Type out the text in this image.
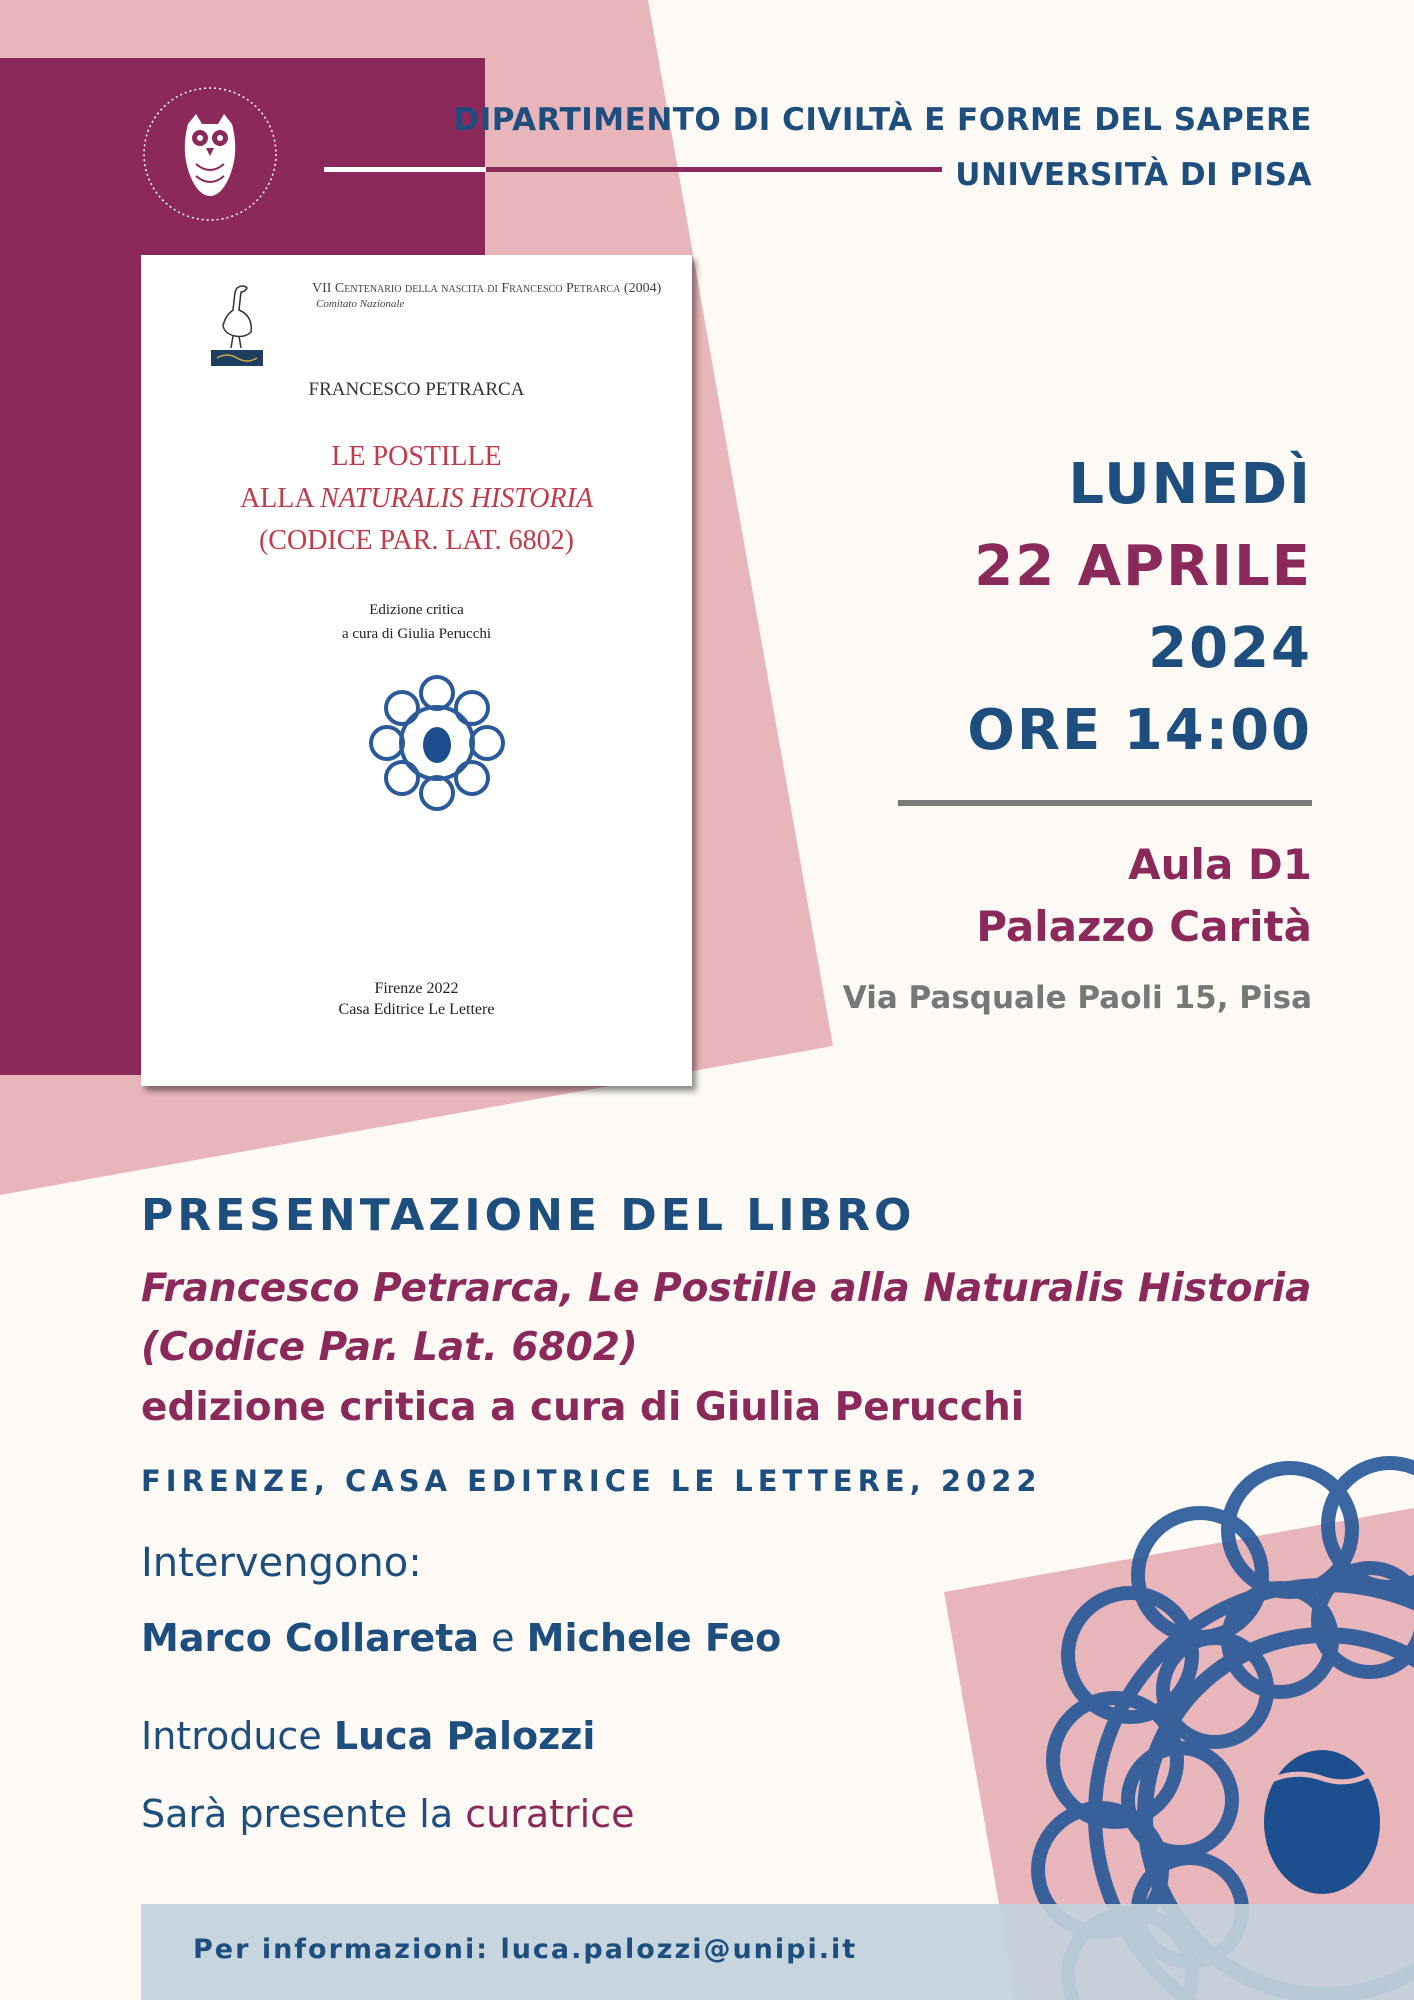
DIPARTIMENTO DI CIVILTÀ E FORME DEL SAPERE
UNIVERSITÀ DI PISA
VII Centenario della nascita di Francesco Petrarca (2004)
Comitato Nazionale
FRANCESCO PETRARCA
LE POSTILLE
ALLA NATURALIS HISTORIA
(CODICE PAR. LAT. 6802)
Edizione critica
a cura di Giulia Perucchi
Firenze 2022
Casa Editrice Le Lettere
LUNEDÌ
22 APRILE
2024
ORE 14:00
Aula D1
Palazzo Carità
Via Pasquale Paoli 15, Pisa
PRESENTAZIONE DEL LIBRO
Francesco Petrarca, Le Postille alla Naturalis Historia
(Codice Par. Lat. 6802)
edizione critica a cura di Giulia Perucchi
FIRENZE, CASA EDITRICE LE LETTERE, 2022
Intervengono:
Marco Collareta e Michele Feo
Introduce Luca Palozzi
Sarà presente la curatrice
Per informazioni: luca.palozzi@unipi.it
